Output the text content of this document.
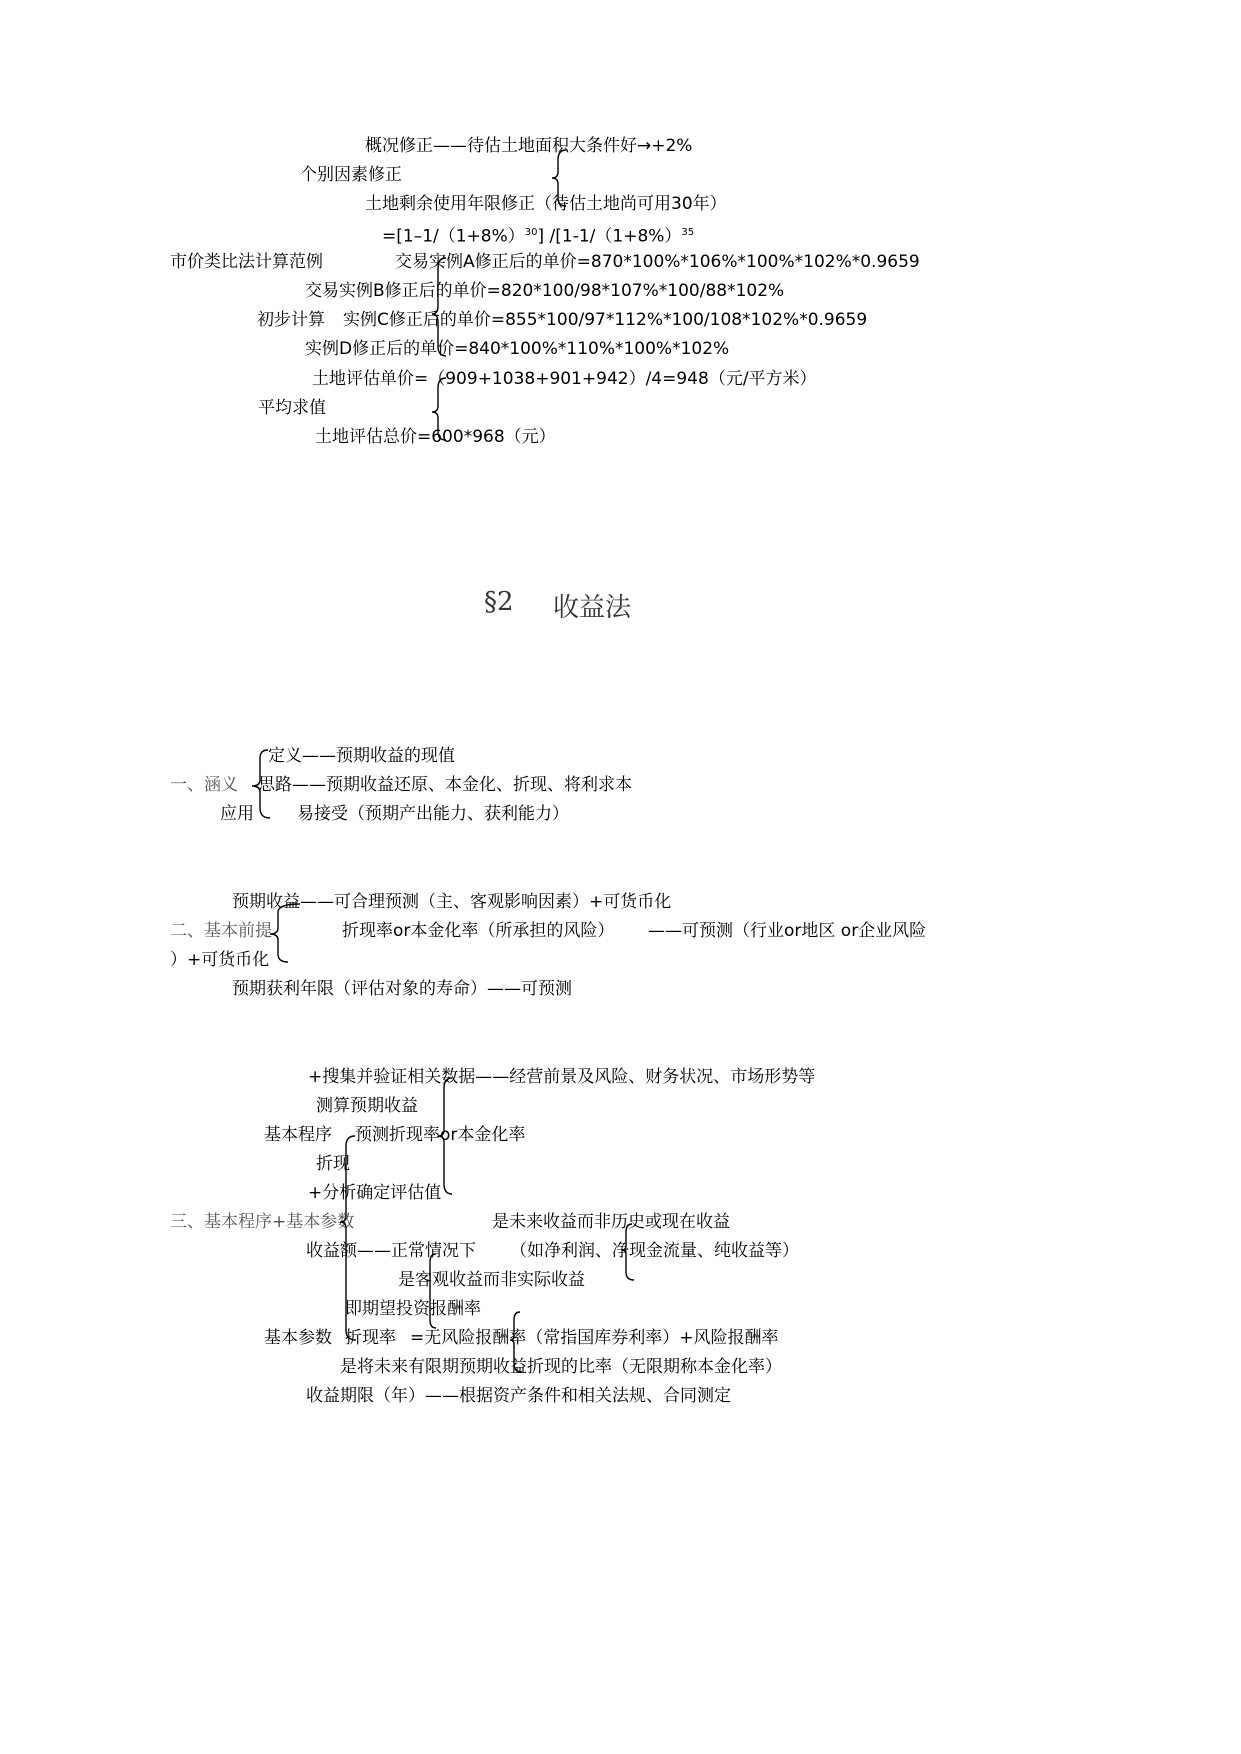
概况修正——待估土地面积大条件好→+2%
个别因素修正
土地剩余使用年限修正（待估土地尚可用30年）
$=[1-1/(1+8\%)^{30}]$ $/[1-1/(1+8\%)^{35}$
市价类比法计算范例	交易实例A修正后的单价=870*100%*106%*100%*102%*0.9659
交易实例B修正后的单价=820*100/98*107%*100/88*102%
初步计算 实例C修正后的单价=855*100/97*112%*100/108*102%*0.9659
实例D修正后的单价=840*100%*110%*100%*102%
土地评估单价=（909+1038+901+942）/4=948（元/平方米）
平均求值
土地评估总价=600*968（元）
§2 收益法
定义——预期收益的现值
一、涵义 思路——预期收益还原、本金化、折现、将利求本
应用	易接受（预期产出能力、获利能力）
预期收益——可合理预测（主、客观影响因素）+可货币化
二、基本前提	折现率or本金化率（所承担的风险） ——可预测（行业or地区 or企业风险
）+可货币化
预期获利年限（评估对象的寿命）——可预测
+搜集并验证相关数据——经营前景及风险、财务状况、市场形势等
测算预期收益
基本程序 预测折现率or本金化率
折现
+分析确定评估值
三、基本程序+基本参数	是未来收益而非历史或现在收益
收益额——正常情况下 （如净利润、净现金流量、纯收益等）
是客观收益而非实际收益
即期望投资报酬率
基本参数 折现率 =无风险报酬率（常指国库券利率）+风险报酬率
是将未来有限期预期收益折现的比率（无限期称本金化率）
收益期限（年）——根据资产条件和相关法规、合同测定
